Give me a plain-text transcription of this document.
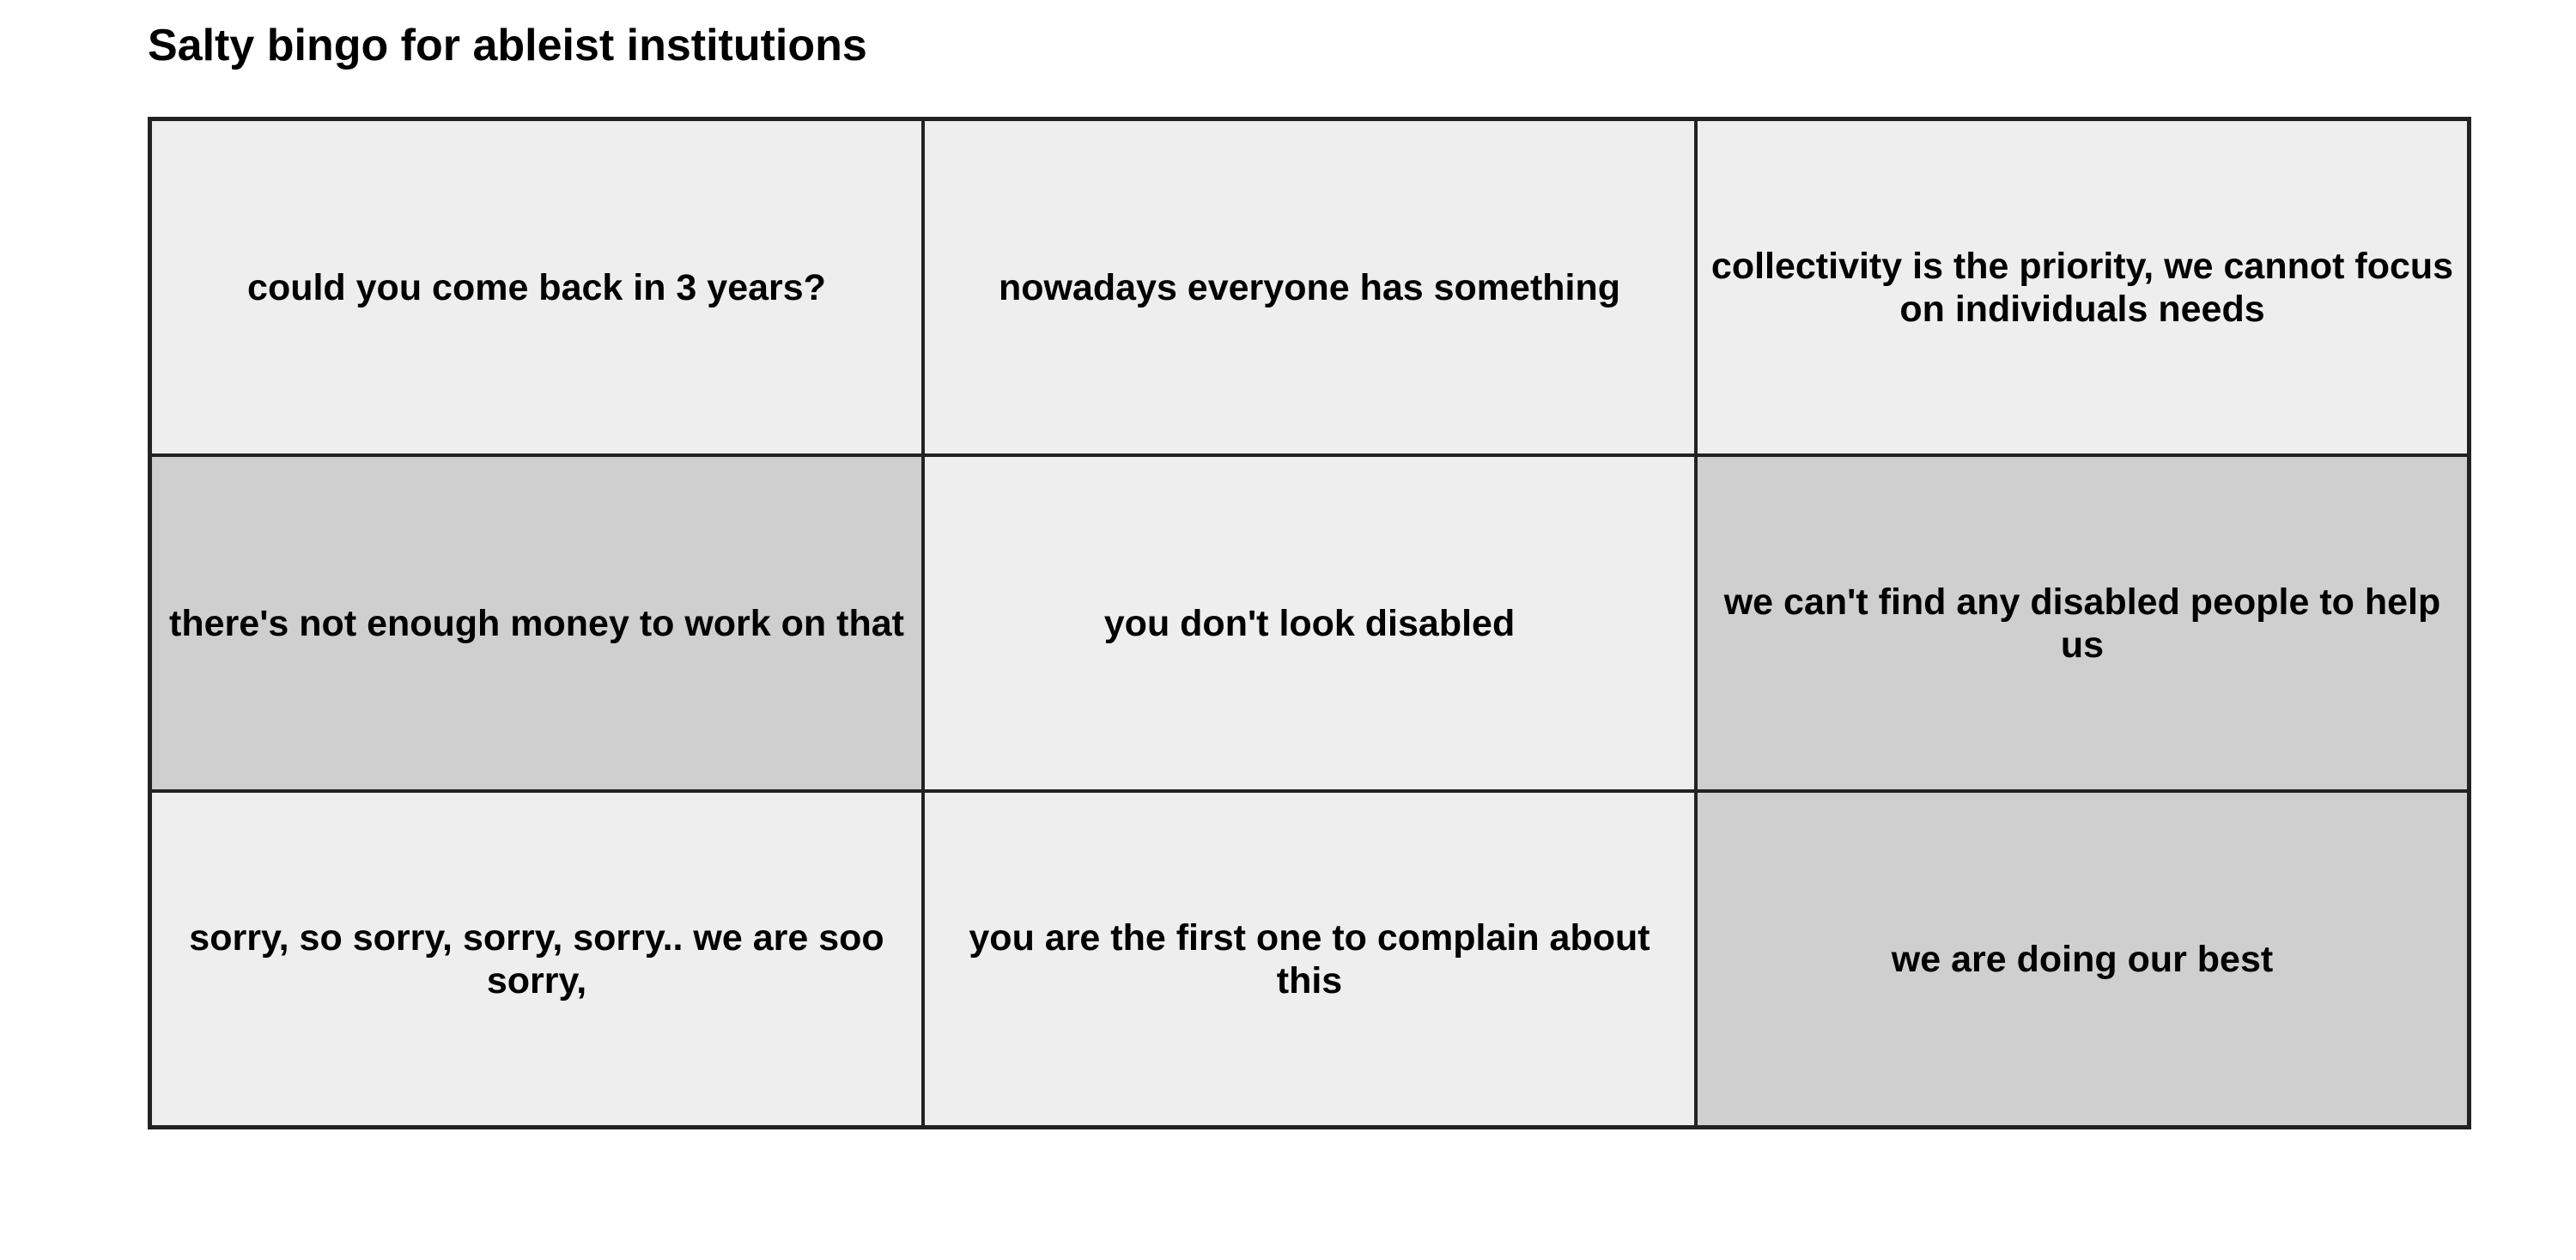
Salty bingo for ableist institutions
could you come back in 3 years?	nowadays everyone has something
collectivity is the priority, we cannot focus on individuals needs
there's not enough money to work on that	you don't look disabled
we can't find any disabled people to help us
sorry, so sorry, sorry, sorry.. we are soo sorry,
you are the first one to complain about this
we are doing our best
